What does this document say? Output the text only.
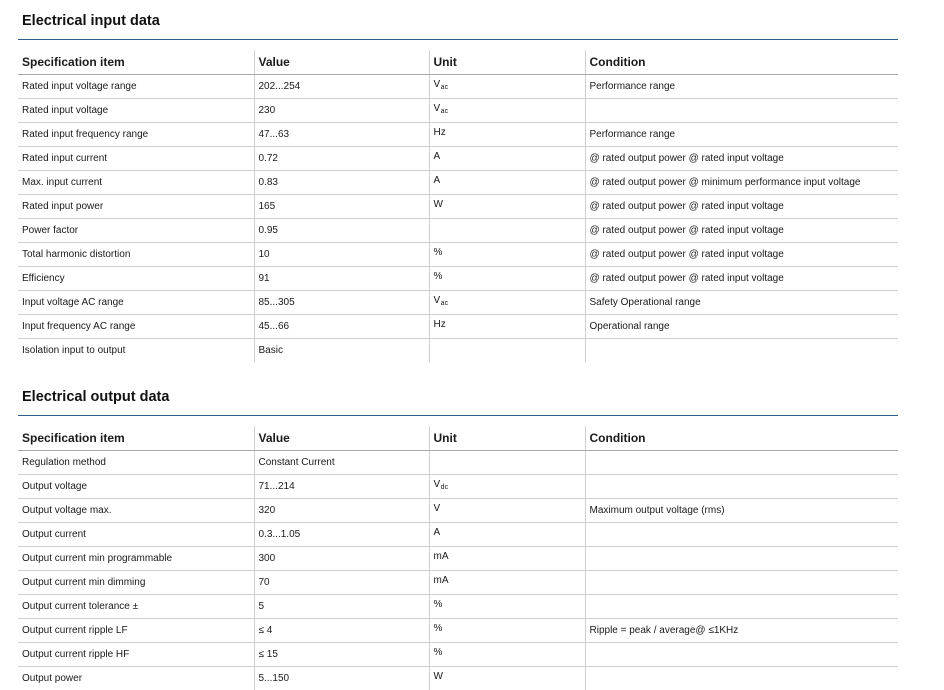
Electrical input data
Specification item	Value	Unit	Condition
Rated input voltage range	202...254	$V_{ac}$	Performance range
Rated input voltage	230	$V_{ac}$	
Rated input frequency range	47...63	Hz	Performance range
Rated input current	0.72	A	@ rated output power @ rated input voltage
Max. input current	0.83	A	@ rated output power @ minimum performance input voltage
Rated input power	165	W	@ rated output power @ rated input voltage
Power factor	0.95		@ rated output power @ rated input voltage
Total harmonic distortion	10	%	@ rated output power @ rated input voltage
Efficiency	91	%	@ rated output power @ rated input voltage
Input voltage AC range	85...305	$V_{ac}$	Safety Operational range
Input frequency AC range	45...66	Hz	Operational range
Isolation input to output	Basic		
Electrical output data
Specification item	Value	Unit	Condition
Regulation method	Constant Current		
Output voltage	71...214	$V_{dc}$	
Output voltage max.	320	V	Maximum output voltage (rms)
Output current	0.3...1.05	A	
Output current min programmable	300	mA	
Output current min dimming	70	mA	
Output current tolerance ±	5	%	
Output current ripple LF	≤ 4	%	Ripple = peak / average@ ≤1KHz
Output current ripple HF	≤ 15	%	
Output power	5...150	W	
